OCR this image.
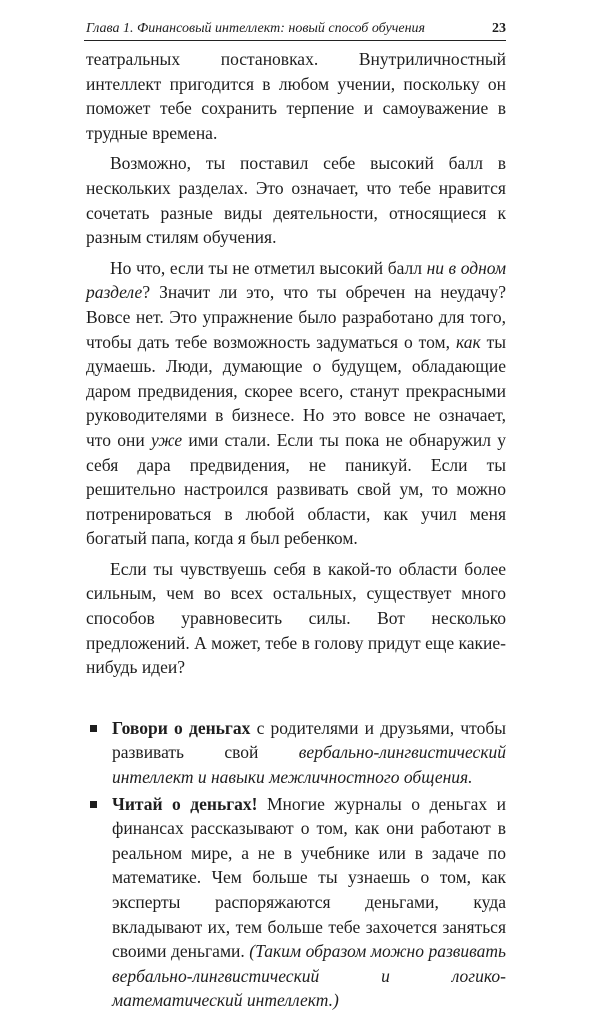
Глава 1. Финансовый интеллект: новый способ обучения	23

театральных постановках. Внутриличностный интеллект пригодится в любом учении, поскольку он поможет тебе сохранить терпение и самоуважение в трудные времена.

Возможно, ты поставил себе высокий балл в нескольких разделах. Это означает, что тебе нравится сочетать разные виды деятельности, относящиеся к разным стилям обучения.

Но что, если ты не отметил высокий балл ни в одном разделе? Значит ли это, что ты обречен на неудачу? Вовсе нет. Это упражнение было разработано для того, чтобы дать тебе возможность задуматься о том, как ты думаешь. Люди, думающие о будущем, обладающие даром предвидения, скорее всего, станут прекрасными руководителями в бизнесе. Но это вовсе не означает, что они уже ими стали. Если ты пока не обнаружил у себя дара предвидения, не паникуй. Если ты решительно настроился развивать свой ум, то можно потренироваться в любой области, как учил меня богатый папа, когда я был ребенком.

Если ты чувствуешь себя в какой-то области более сильным, чем во всех остальных, существует много способов уравновесить силы. Вот несколько предложений. А может, тебе в голову придут еще какие-нибудь идеи?

Говори о деньгах с родителями и друзьями, чтобы развивать свой вербально-лингвистический интеллект и навыки межличностного общения.
Читай о деньгах! Многие журналы о деньгах и финансах рассказывают о том, как они работают в реальном мире, а не в учебнике или в задаче по математике. Чем больше ты узнаешь о том, как эксперты распоряжаются деньгами, куда вкладывают их, тем больше тебе захочется заняться своими деньгами. (Таким образом можно развивать вербально-лингвистический и логико-математический интеллект.)
